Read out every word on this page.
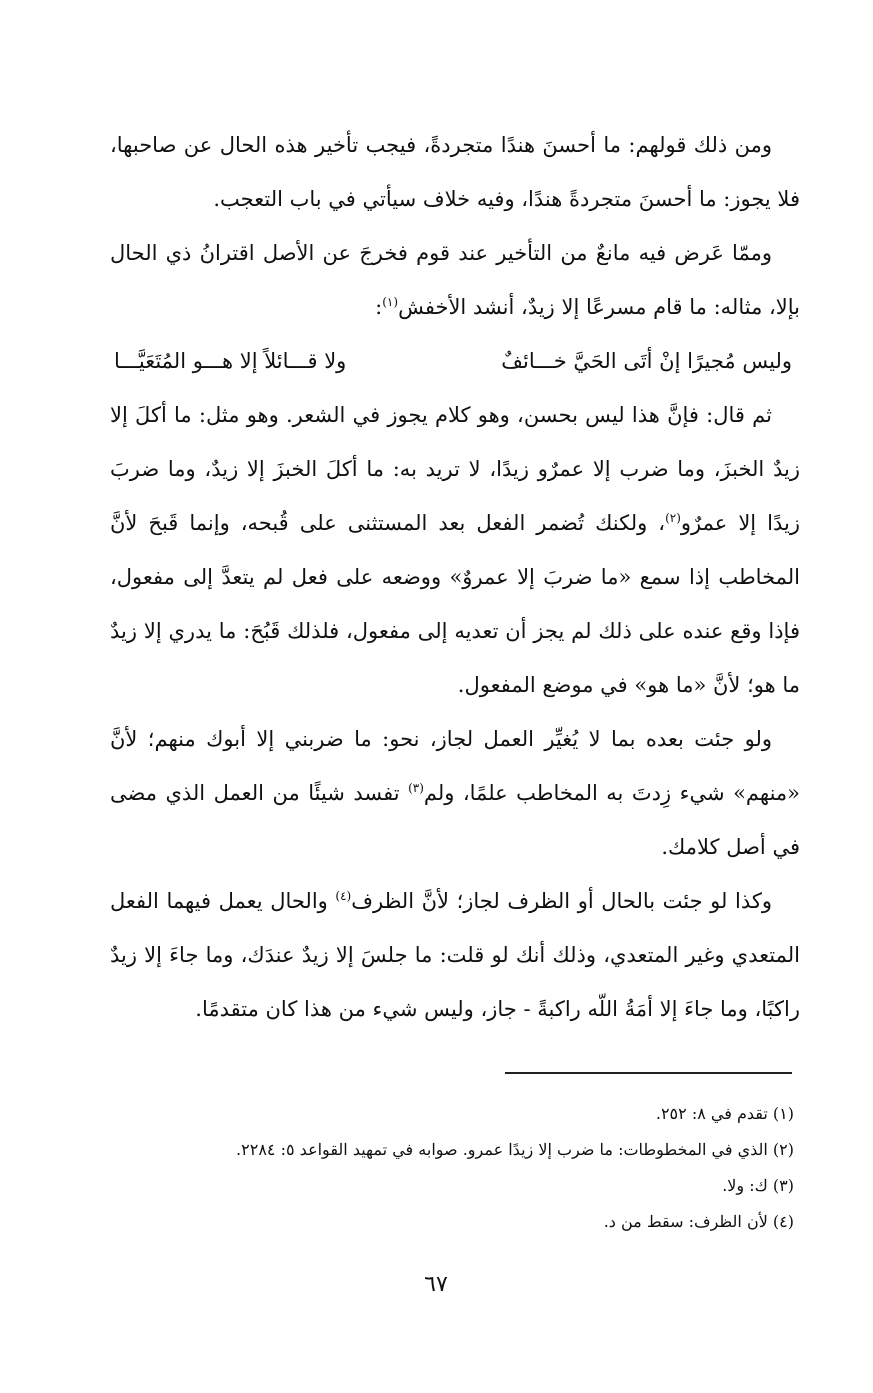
ومن ذلك قولهم: ما أحسنَ هندًا متجردةً، فيجب تأخير هذه الحال عن صاحبها، فلا يجوز: ما أحسنَ متجردةً هندًا، وفيه خلاف سيأتي في باب التعجب.

وممّا عَرض فيه مانعٌ من التأخير عند قوم فخرجَ عن الأصل اقترانُ ذي الحال بإلا، مثاله: ما قام مسرعًا إلا زيدٌ، أنشد الأخفش$^{(١)}$:

وليس مُجيرًا إنْ أتَى الحَيَّ خـــائفٌ
ولا قـــائلاً إلا هـــو المُتَعَيَّـــا

ثم قال: فإنَّ هذا ليس بحسن، وهو كلام يجوز في الشعر. وهو مثل: ما أكلَ إلا زيدٌ الخبزَ، وما ضرب إلا عمرٌو زيدًا، لا تريد به: ما أكلَ الخبزَ إلا زيدٌ، وما ضربَ زيدًا إلا عمرٌو$^{(٢)}$، ولكنك تُضمر الفعل بعد المستثنى على قُبحه، وإنما قَبحَ لأنَّ المخاطب إذا سمع «ما ضربَ إلا عمروٌ» ووضعه على فعل لم يتعدَّ إلى مفعول، فإذا وقع عنده على ذلك لم يجز أن تعديه إلى مفعول، فلذلك قَبُحَ: ما يدري إلا زيدٌ ما هو؛ لأنَّ «ما هو» في موضع المفعول.

ولو جئت بعده بما لا يُغيِّر العمل لجاز، نحو: ما ضربني إلا أبوك منهم؛ لأنَّ «منهم» شيء زِدتَ به المخاطب علمًا، ولم$^{(٣)}$ تفسد شيئًا من العمل الذي مضى في أصل كلامك.

وكذا لو جئت بالحال أو الظرف لجاز؛ لأنَّ الظرف$^{(٤)}$ والحال يعمل فيهما الفعل المتعدي وغير المتعدي، وذلك أنك لو قلت: ما جلسَ إلا زيدٌ عندَك، وما جاءَ إلا زيدٌ راكبًا، وما جاءَ إلا أمَةُ اللّه راكبةً - جاز، وليس شيء من هذا كان متقدمًا.

(١) تقدم في ٨: ٢٥٢.
(٢) الذي في المخطوطات: ما ضرب إلا زيدًا عمرو. صوابه في تمهيد القواعد ٥: ٢٢٨٤.
(٣) ك: ولا.
(٤) لأن الظرف: سقط من د.
٦٧
